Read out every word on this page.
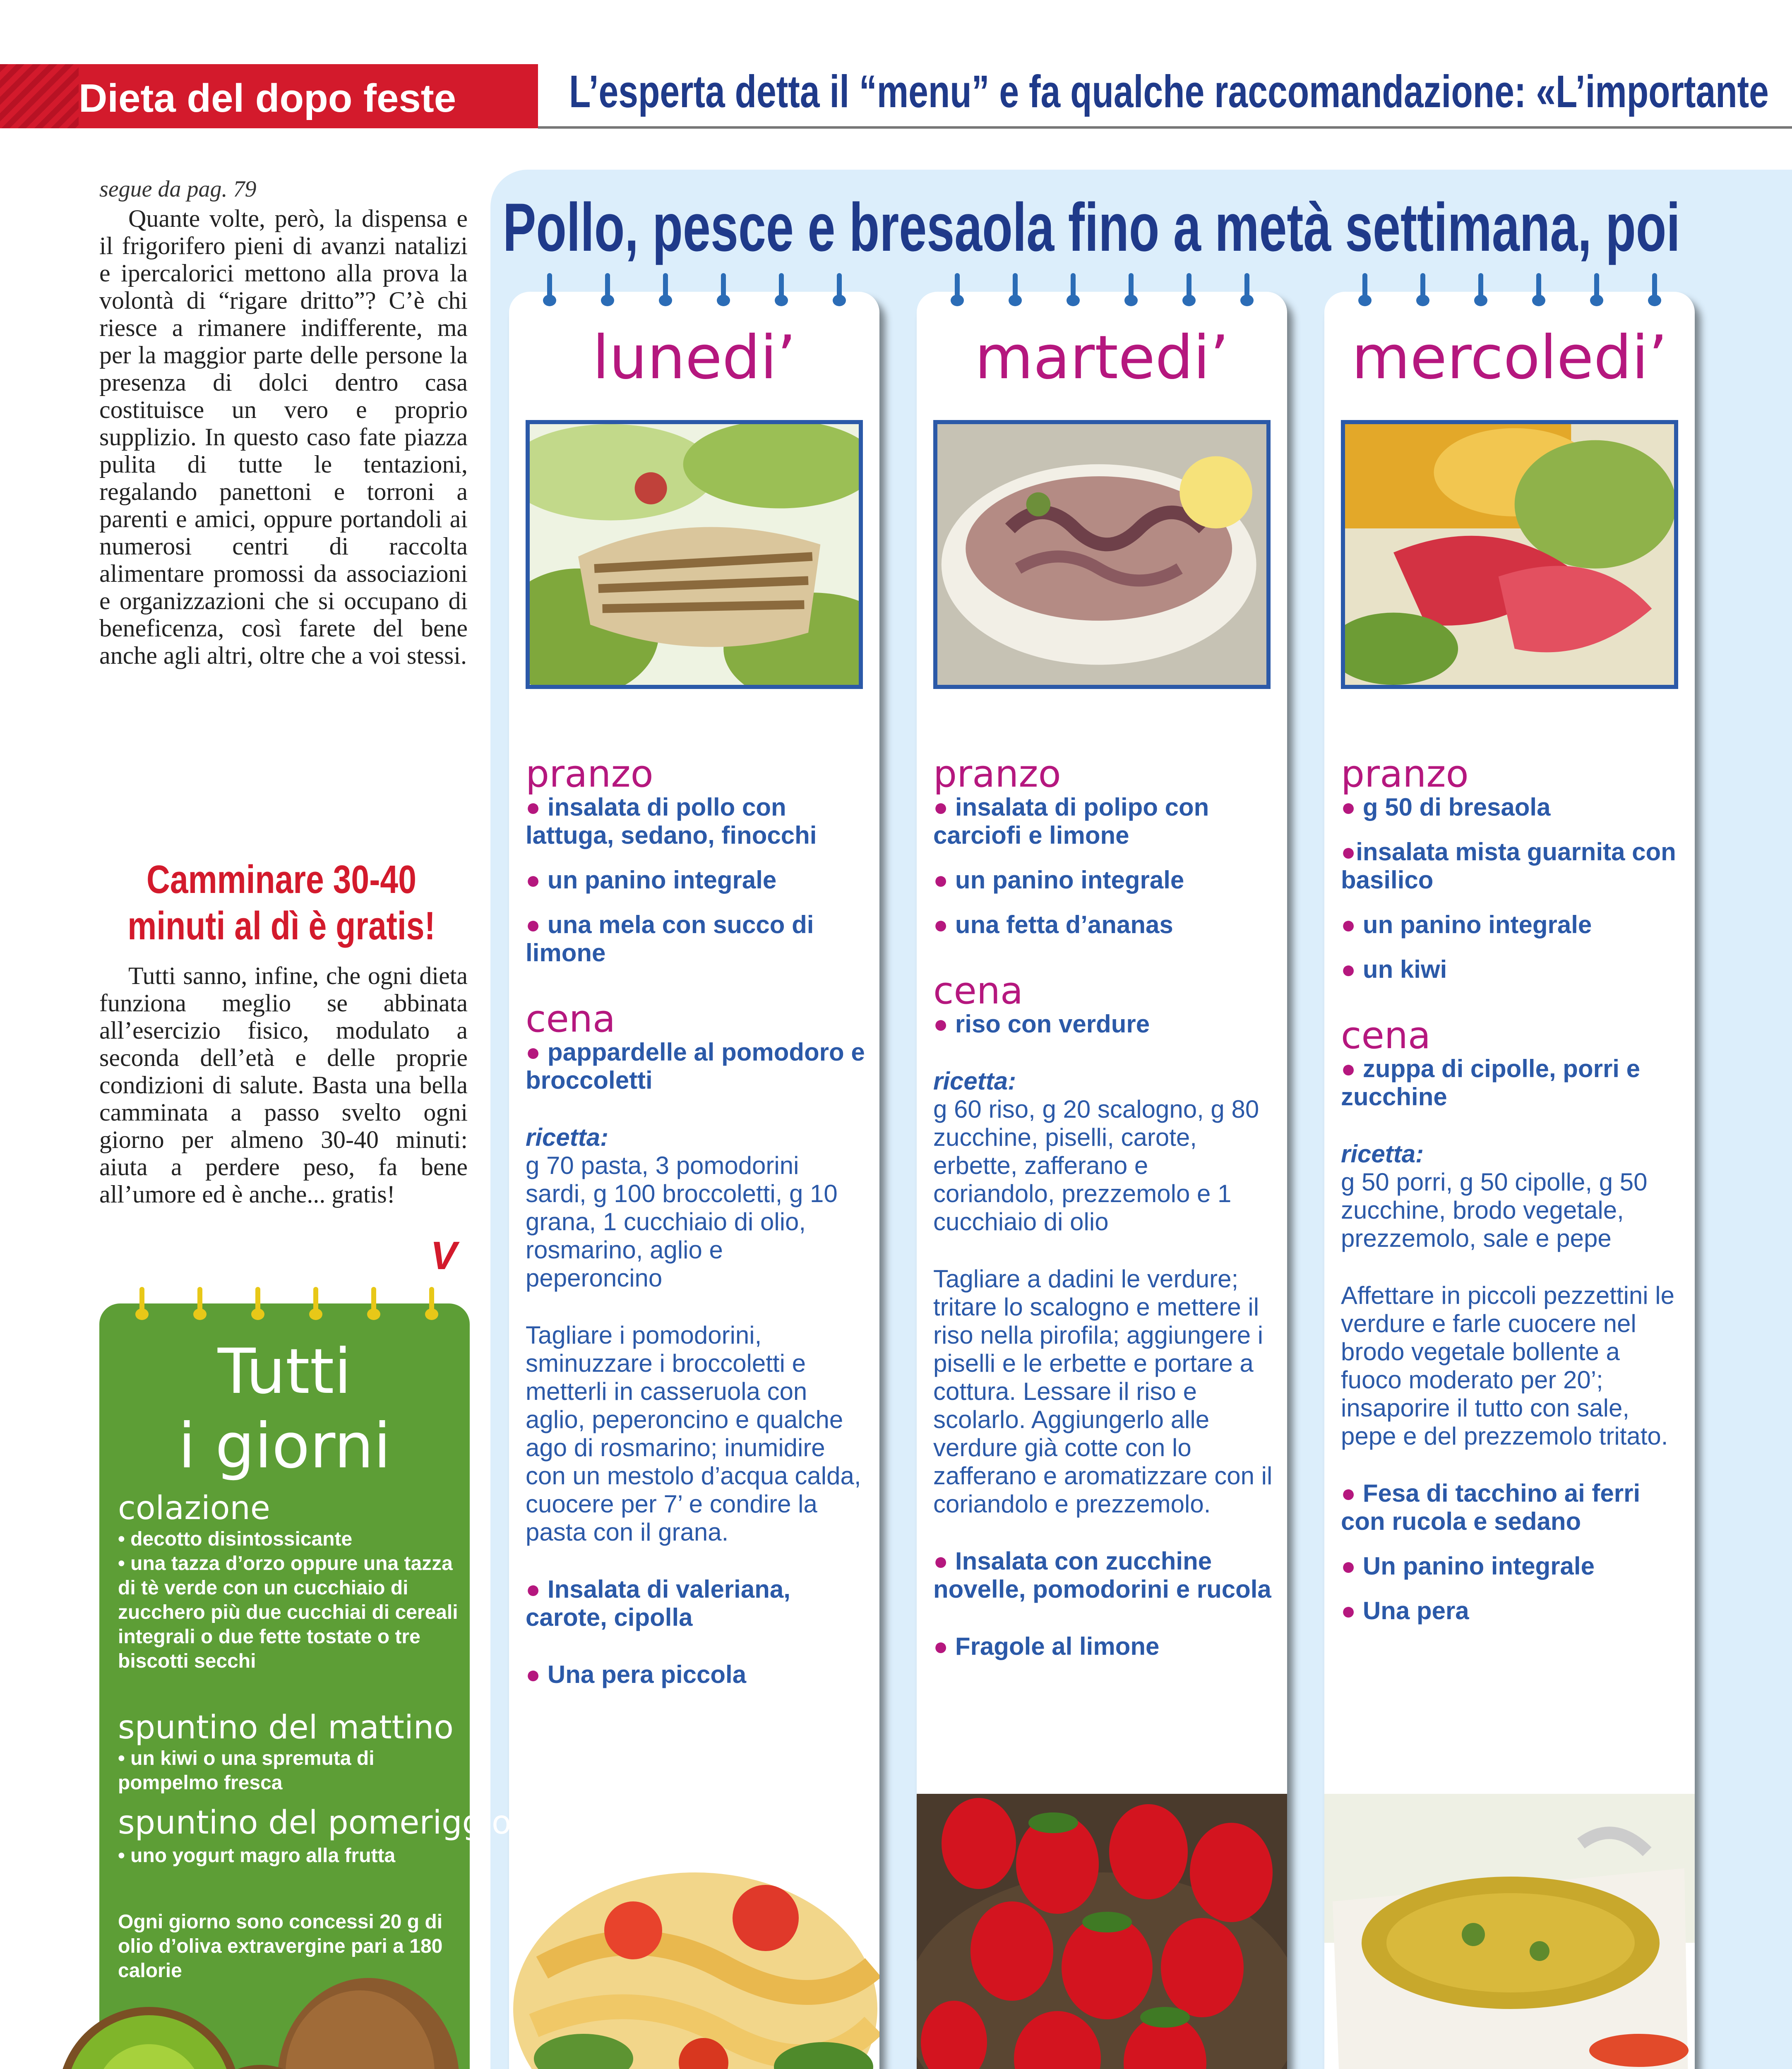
Dieta del dopo feste L’esperta detta il “menu” e fa qualche raccomandazione: «L’importante
segue da pag. 79
Quante volte, però, la dispensa e il frigorifero pieni di avanzi natalizi e ipercalorici mettono alla prova la volontà di “rigare dritto”? C’è chi riesce a rimanere indifferente, ma per la maggior parte delle persone la presenza di dolci dentro casa costituisce un vero e proprio supplizio. In questo caso fate piazza pulita di tutte le tentazioni, regalando panettoni e torroni a parenti e amici, oppure portandoli ai numerosi centri di raccolta alimentare promossi da associazioni e organizzazioni che si occupano di beneficenza, così farete del bene anche agli altri, oltre che a voi stessi.
Camminare 30-40
minuti al dì è gratis!
Tutti sanno, infine, che ogni dieta funziona meglio se abbinata all’esercizio fisico, modulato a seconda dell’età e delle proprie condizioni di salute. Basta una bella camminata a passo svelto ogni giorno per almeno 30-40 minuti: aiuta a perdere peso, fa bene all’umore ed è anche... gratis!
V
Pollo, pesce e bresaola fino a metà settimana, poi
lunedi’
pranzo
● insalata di pollo con lattuga, sedano, finocchi
● un panino integrale
● una mela con succo di limone
cena
● pappardelle al pomodoro e broccoletti
ricetta:
g 70 pasta, 3 pomodorini sardi, g 100 broccoletti, g 10 grana, 1 cucchiaio di olio, rosmarino, aglio e peperoncino
Tagliare i pomodorini, sminuzzare i broccoletti e metterli in casseruola con aglio, peperoncino e qualche ago di rosmarino; inumidire con un mestolo d’acqua calda, cuocere per 7’ e condire la pasta con il grana.
● Insalata di valeriana, carote, cipolla
● Una pera piccola
martedi’
pranzo
● insalata di polipo con carciofi e limone
● un panino integrale
● una fetta d’ananas
cena
● riso con verdure
ricetta:
g 60 riso, g 20 scalogno, g 80 zucchine, piselli, carote, erbette, zafferano e coriandolo, prezzemolo e 1 cucchiaio di olio
Tagliare a dadini le verdure; tritare lo scalogno e mettere il riso nella pirofila; aggiungere i piselli e le erbette e portare a cottura. Lessare il riso e scolarlo. Aggiungerlo alle verdure già cotte con lo zafferano e aromatizzare con il coriandolo e prezzemolo.
● Insalata con zucchine novelle, pomodorini e rucola
● Fragole al limone
mercoledi’
pranzo
● g 50 di bresaola
●insalata mista guarnita con basilico
● un panino integrale
● un kiwi
cena
● zuppa di cipolle, porri e zucchine
ricetta:
g 50 porri, g 50 cipolle, g 50 zucchine, brodo vegetale, prezzemolo, sale e pepe
Affettare in piccoli pezzettini le verdure e farle cuocere nel brodo vegetale bollente a fuoco moderato per 20’; insaporire il tutto con sale, pepe e del prezzemolo tritato.
● Fesa di tacchino ai ferri con rucola e sedano
● Un panino integrale
● Una pera
Tutti
i giorni
colazione
• decotto disintossicante
• una tazza d’orzo oppure una tazza di tè verde con un cucchiaio di zucchero più due cucchiai di cereali integrali o due fette tostate o tre biscotti secchi
spuntino del mattino
• un kiwi o una spremuta di pompelmo fresca
spuntino del pomeriggio
• uno yogurt magro alla frutta
Ogni giorno sono concessi 20 g di olio d’oliva extravergine pari a 180 calorie
